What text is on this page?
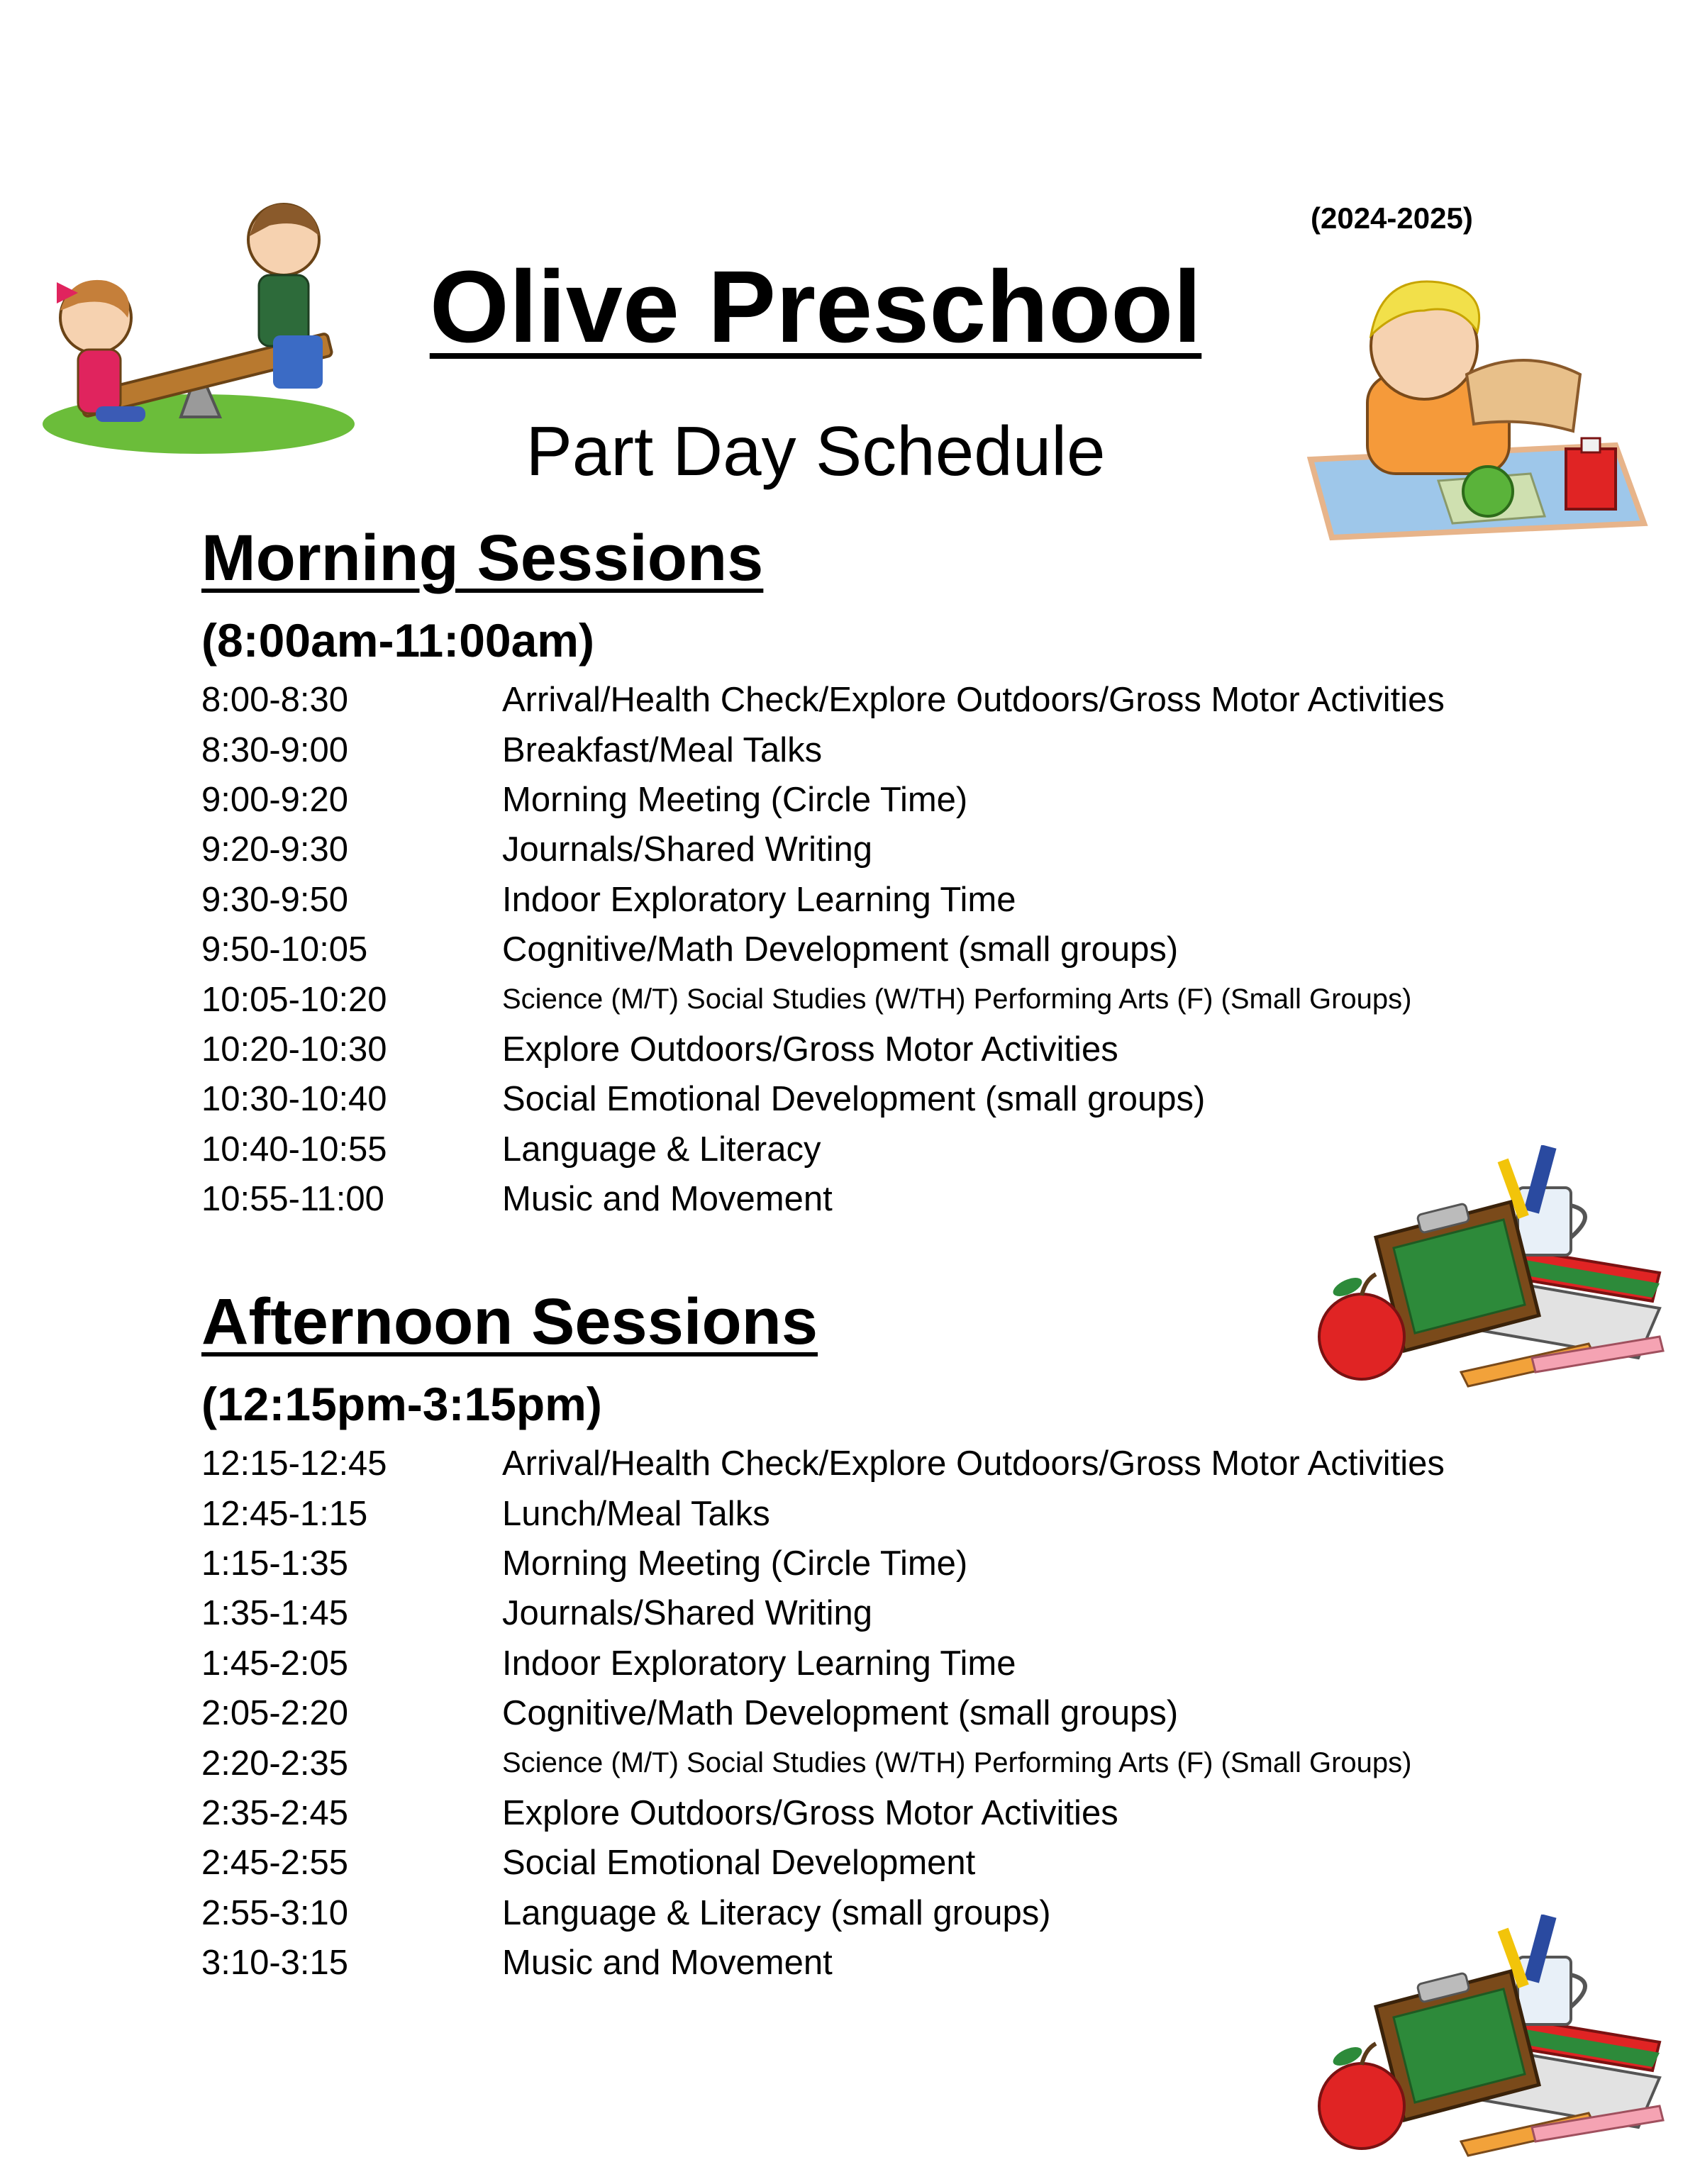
(2024-2025)
Olive Preschool
Part Day Schedule
Morning Sessions
(8:00am-11:00am)
8:00-8:30	Arrival/Health Check/Explore Outdoors/Gross Motor Activities
8:30-9:00	Breakfast/Meal Talks
9:00-9:20	Morning Meeting (Circle Time)
9:20-9:30	Journals/Shared Writing
9:30-9:50	Indoor Exploratory Learning Time
9:50-10:05	Cognitive/Math Development (small groups)
10:05-10:20	Science (M/T) Social Studies (W/TH) Performing Arts (F) (Small Groups)
10:20-10:30	Explore Outdoors/Gross Motor Activities
10:30-10:40	Social Emotional Development (small groups)
10:40-10:55	Language & Literacy
10:55-11:00	Music and Movement
Afternoon Sessions
(12:15pm-3:15pm)
12:15-12:45	Arrival/Health Check/Explore Outdoors/Gross Motor Activities
12:45-1:15	Lunch/Meal Talks
1:15-1:35	Morning Meeting (Circle Time)
1:35-1:45	Journals/Shared Writing
1:45-2:05	Indoor Exploratory Learning Time
2:05-2:20	Cognitive/Math Development (small groups)
2:20-2:35	Science (M/T) Social Studies (W/TH) Performing Arts (F) (Small Groups)
2:35-2:45	Explore Outdoors/Gross Motor Activities
2:45-2:55	Social Emotional Development
2:55-3:10	Language & Literacy (small groups)
3:10-3:15	Music and Movement
